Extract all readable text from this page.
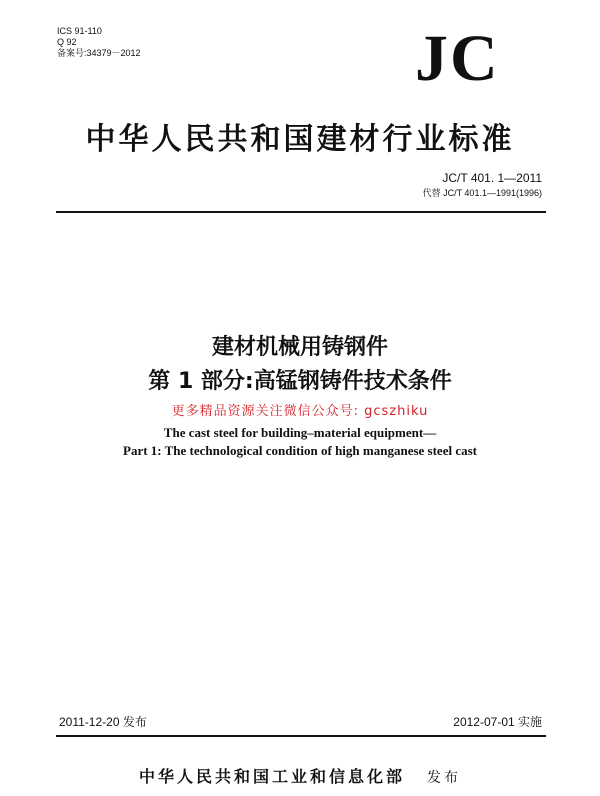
ICS 91-110
Q 92
备案号:34379－2012	JC
中华人民共和国建材行业标准
JC/T 401. 1—2011
代替 JC/T 401.1—1991(1996)
建材机械用铸钢件
第 1 部分:高锰钢铸件技术条件
更多精品资源关注微信公众号: gcszhiku
The cast steel for building–material equipment—
Part 1: The technological condition of high manganese steel cast
2011-12-20 发布	2012-07-01 实施
中华人民共和国工业和信息化部 发布
